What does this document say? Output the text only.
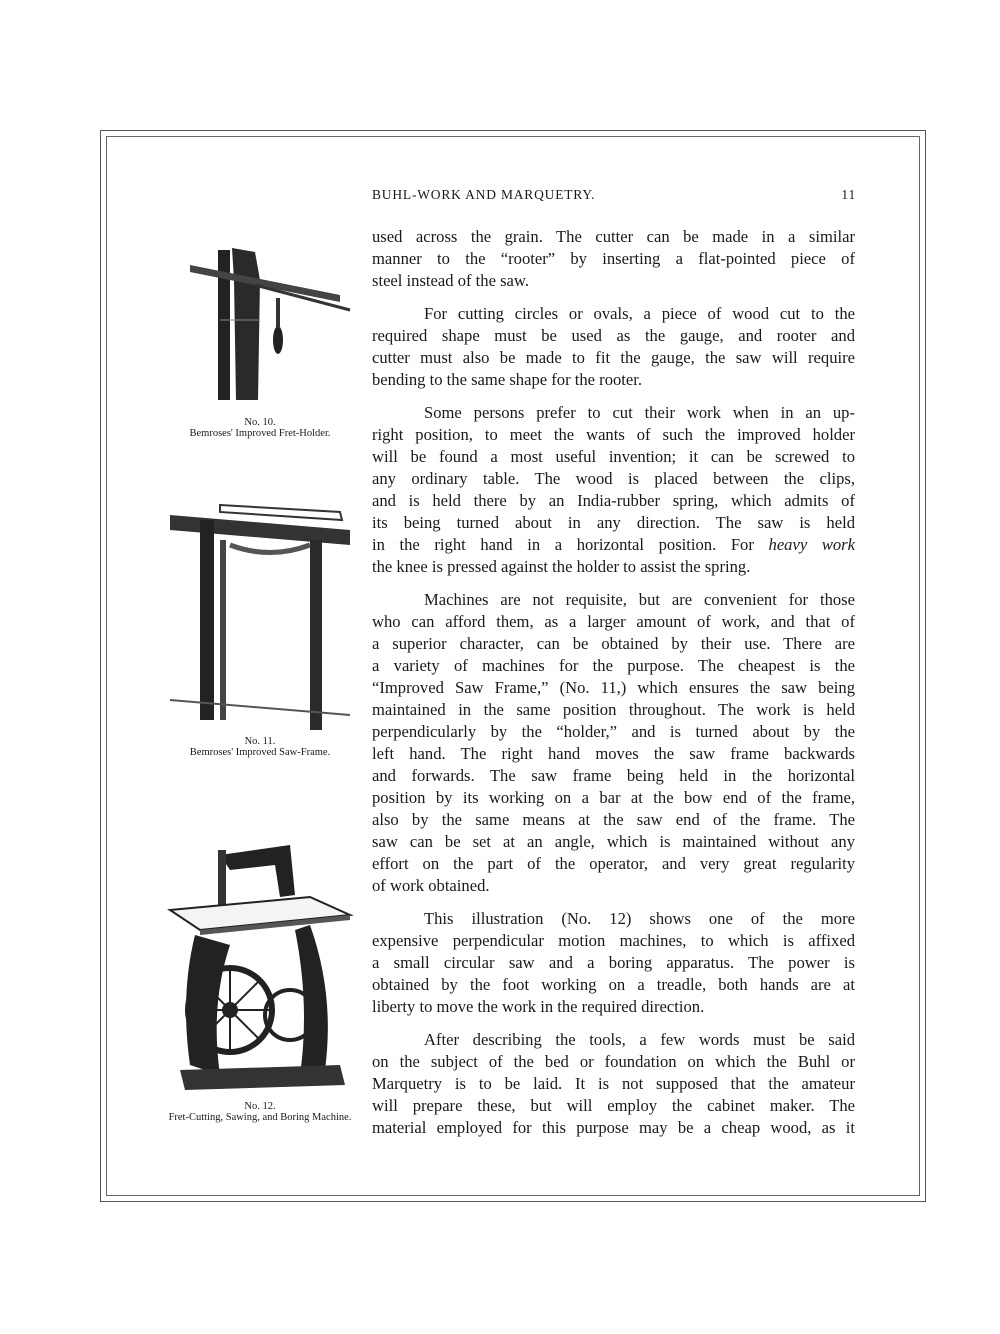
BUHL-WORK AND MARQUETRY.	11
No. 10.
Bemroses' Improved Fret-Holder.
No. 11.
Bemroses' Improved Saw-Frame.
No. 12.
Fret-Cutting, Sawing, and Boring Machine.
used across the grain. The cutter can be made in a similar
manner to the “rooter” by inserting a flat-pointed piece of
steel instead of the saw.
For cutting circles or ovals, a piece of wood cut to the
required shape must be used as the gauge, and rooter and
cutter must also be made to fit the gauge, the saw will require
bending to the same shape for the rooter.
Some persons prefer to cut their work when in an up-
right position, to meet the wants of such the improved holder
will be found a most useful invention; it can be screwed to
any ordinary table. The wood is placed between the clips,
and is held there by an India-rubber spring, which admits of
its being turned about in any direction. The saw is held
in the right hand in a horizontal position. For heavy work
the knee is pressed against the holder to assist the spring.
Machines are not requisite, but are convenient for those
who can afford them, as a larger amount of work, and that of
a superior character, can be obtained by their use. There are
a variety of machines for the purpose. The cheapest is the
“Improved Saw Frame,” (No. 11,) which ensures the saw being
maintained in the same position throughout. The work is held
perpendicularly by the “holder,” and is turned about by the
left hand. The right hand moves the saw frame backwards
and forwards. The saw frame being held in the horizontal
position by its working on a bar at the bow end of the frame,
also by the same means at the saw end of the frame. The
saw can be set at an angle, which is maintained without any
effort on the part of the operator, and very great regularity
of work obtained.
This illustration (No. 12) shows one of the more
expensive perpendicular motion machines, to which is affixed
a small circular saw and a boring apparatus. The power is
obtained by the foot working on a treadle, both hands are at
liberty to move the work in the required direction.
After describing the tools, a few words must be said
on the subject of the bed or foundation on which the Buhl or
Marquetry is to be laid. It is not supposed that the amateur
will prepare these, but will employ the cabinet maker. The
material employed for this purpose may be a cheap wood, as it
